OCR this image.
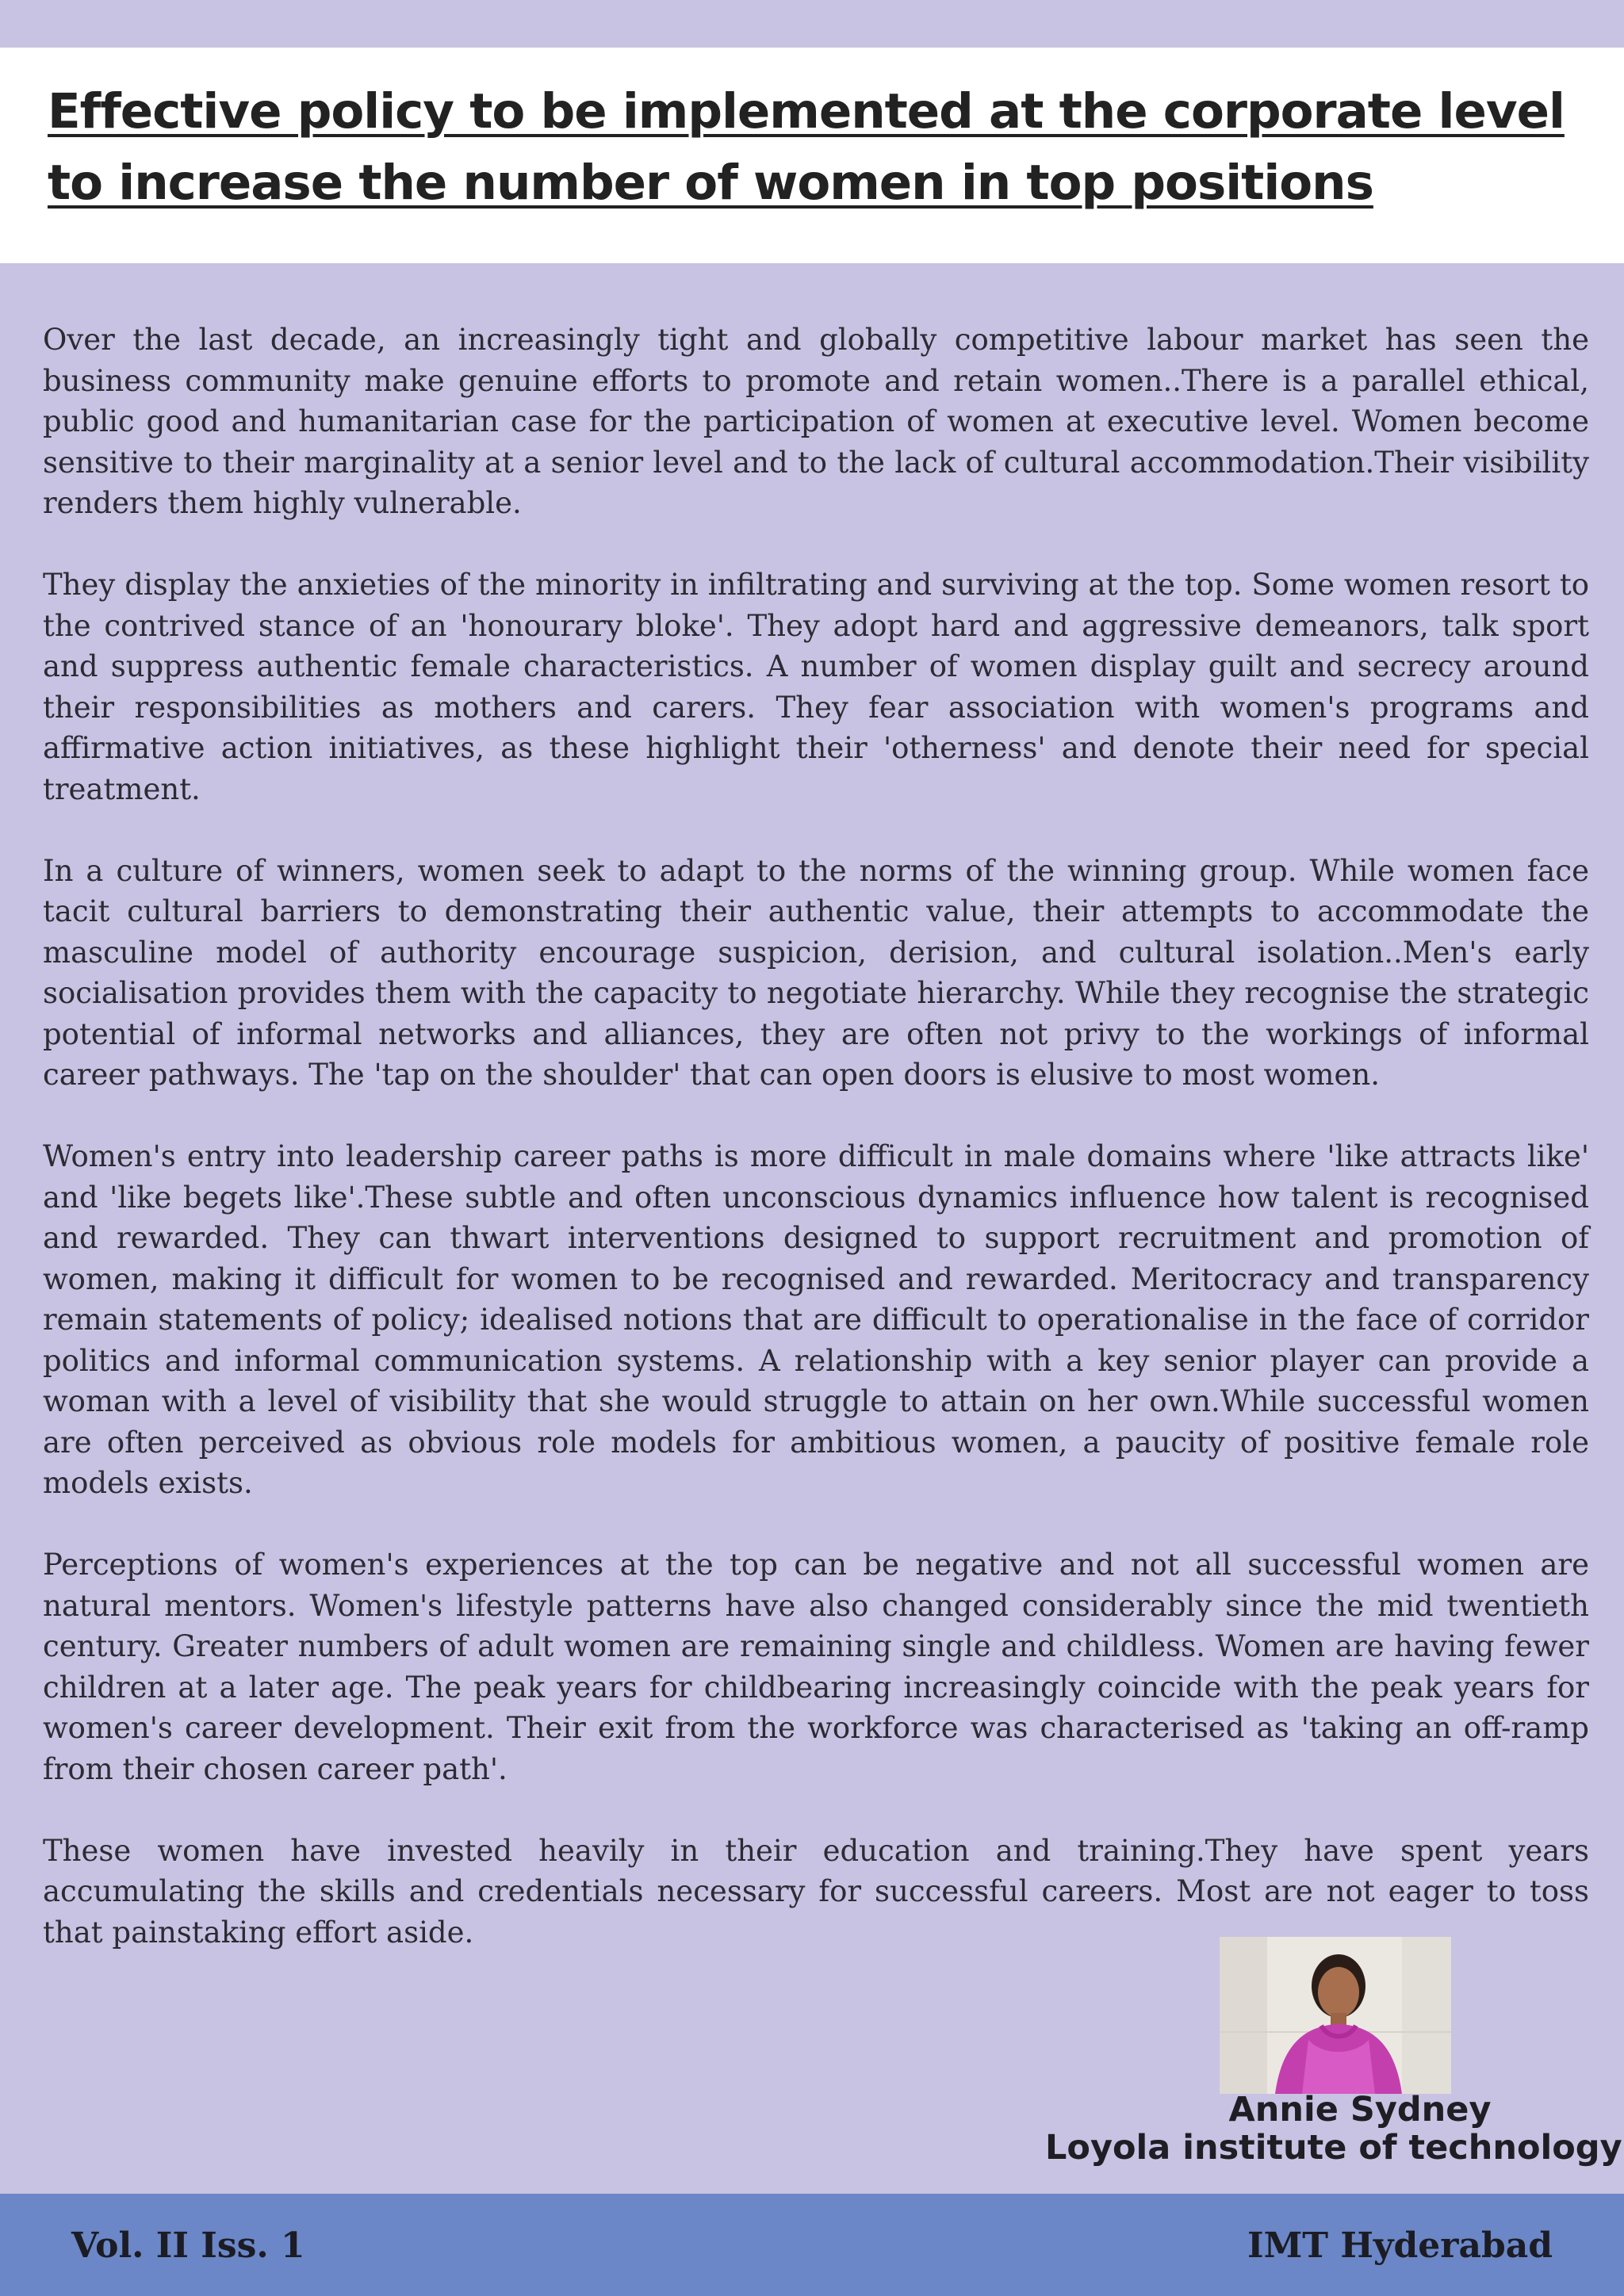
Effective policy to be implemented at the corporate level to increase the number of women in top positions

Over the last decade, an increasingly tight and globally competitive labour market has seen the business community make genuine efforts to promote and retain women..There is a parallel ethical, public good and humanitarian case for the participation of women at executive level. Women become sensitive to their marginality at a senior level and to the lack of cultural accommodation.Their visibility renders them highly vulnerable.

They display the anxieties of the minority in infiltrating and surviving at the top. Some women resort to the contrived stance of an 'honourary bloke'. They adopt hard and aggressive demeanors, talk sport and suppress authentic female characteristics. A number of women display guilt and secrecy around their responsibilities as mothers and carers. They fear association with women's programs and affirmative action initiatives, as these highlight their 'otherness' and denote their need for special treatment.

In a culture of winners, women seek to adapt to the norms of the winning group. While women face tacit cultural barriers to demonstrating their authentic value, their attempts to accommodate the masculine model of authority encourage suspicion, derision, and cultural isolation..Men's early socialisation provides them with the capacity to negotiate hierarchy. While they recognise the strategic potential of informal networks and alliances, they are often not privy to the workings of informal career pathways. The 'tap on the shoulder' that can open doors is elusive to most women.

Women's entry into leadership career paths is more difficult in male domains where 'like attracts like' and 'like begets like'.These subtle and often unconscious dynamics influence how talent is recognised and rewarded. They can thwart interventions designed to support recruitment and promotion of women, making it difficult for women to be recognised and rewarded. Meritocracy and transparency remain statements of policy; idealised notions that are difficult to operationalise in the face of corridor politics and informal communication systems. A relationship with a key senior player can provide a woman with a level of visibility that she would struggle to attain on her own.While successful women are often perceived as obvious role models for ambitious women, a paucity of positive female role models exists.

Perceptions of women's experiences at the top can be negative and not all successful women are natural mentors. Women's lifestyle patterns have also changed considerably since the mid twentieth century. Greater numbers of adult women are remaining single and childless. Women are having fewer children at a later age. The peak years for childbearing increasingly coincide with the peak years for women's career development. Their exit from the workforce was characterised as 'taking an off-ramp from their chosen career path'.

These women have invested heavily in their education and training.They have spent years accumulating the skills and credentials necessary for successful careers. Most are not eager to toss that painstaking effort aside.

Annie Sydney
Loyola institute of technology
Vol. II Iss. 1	IMT Hyderabad
